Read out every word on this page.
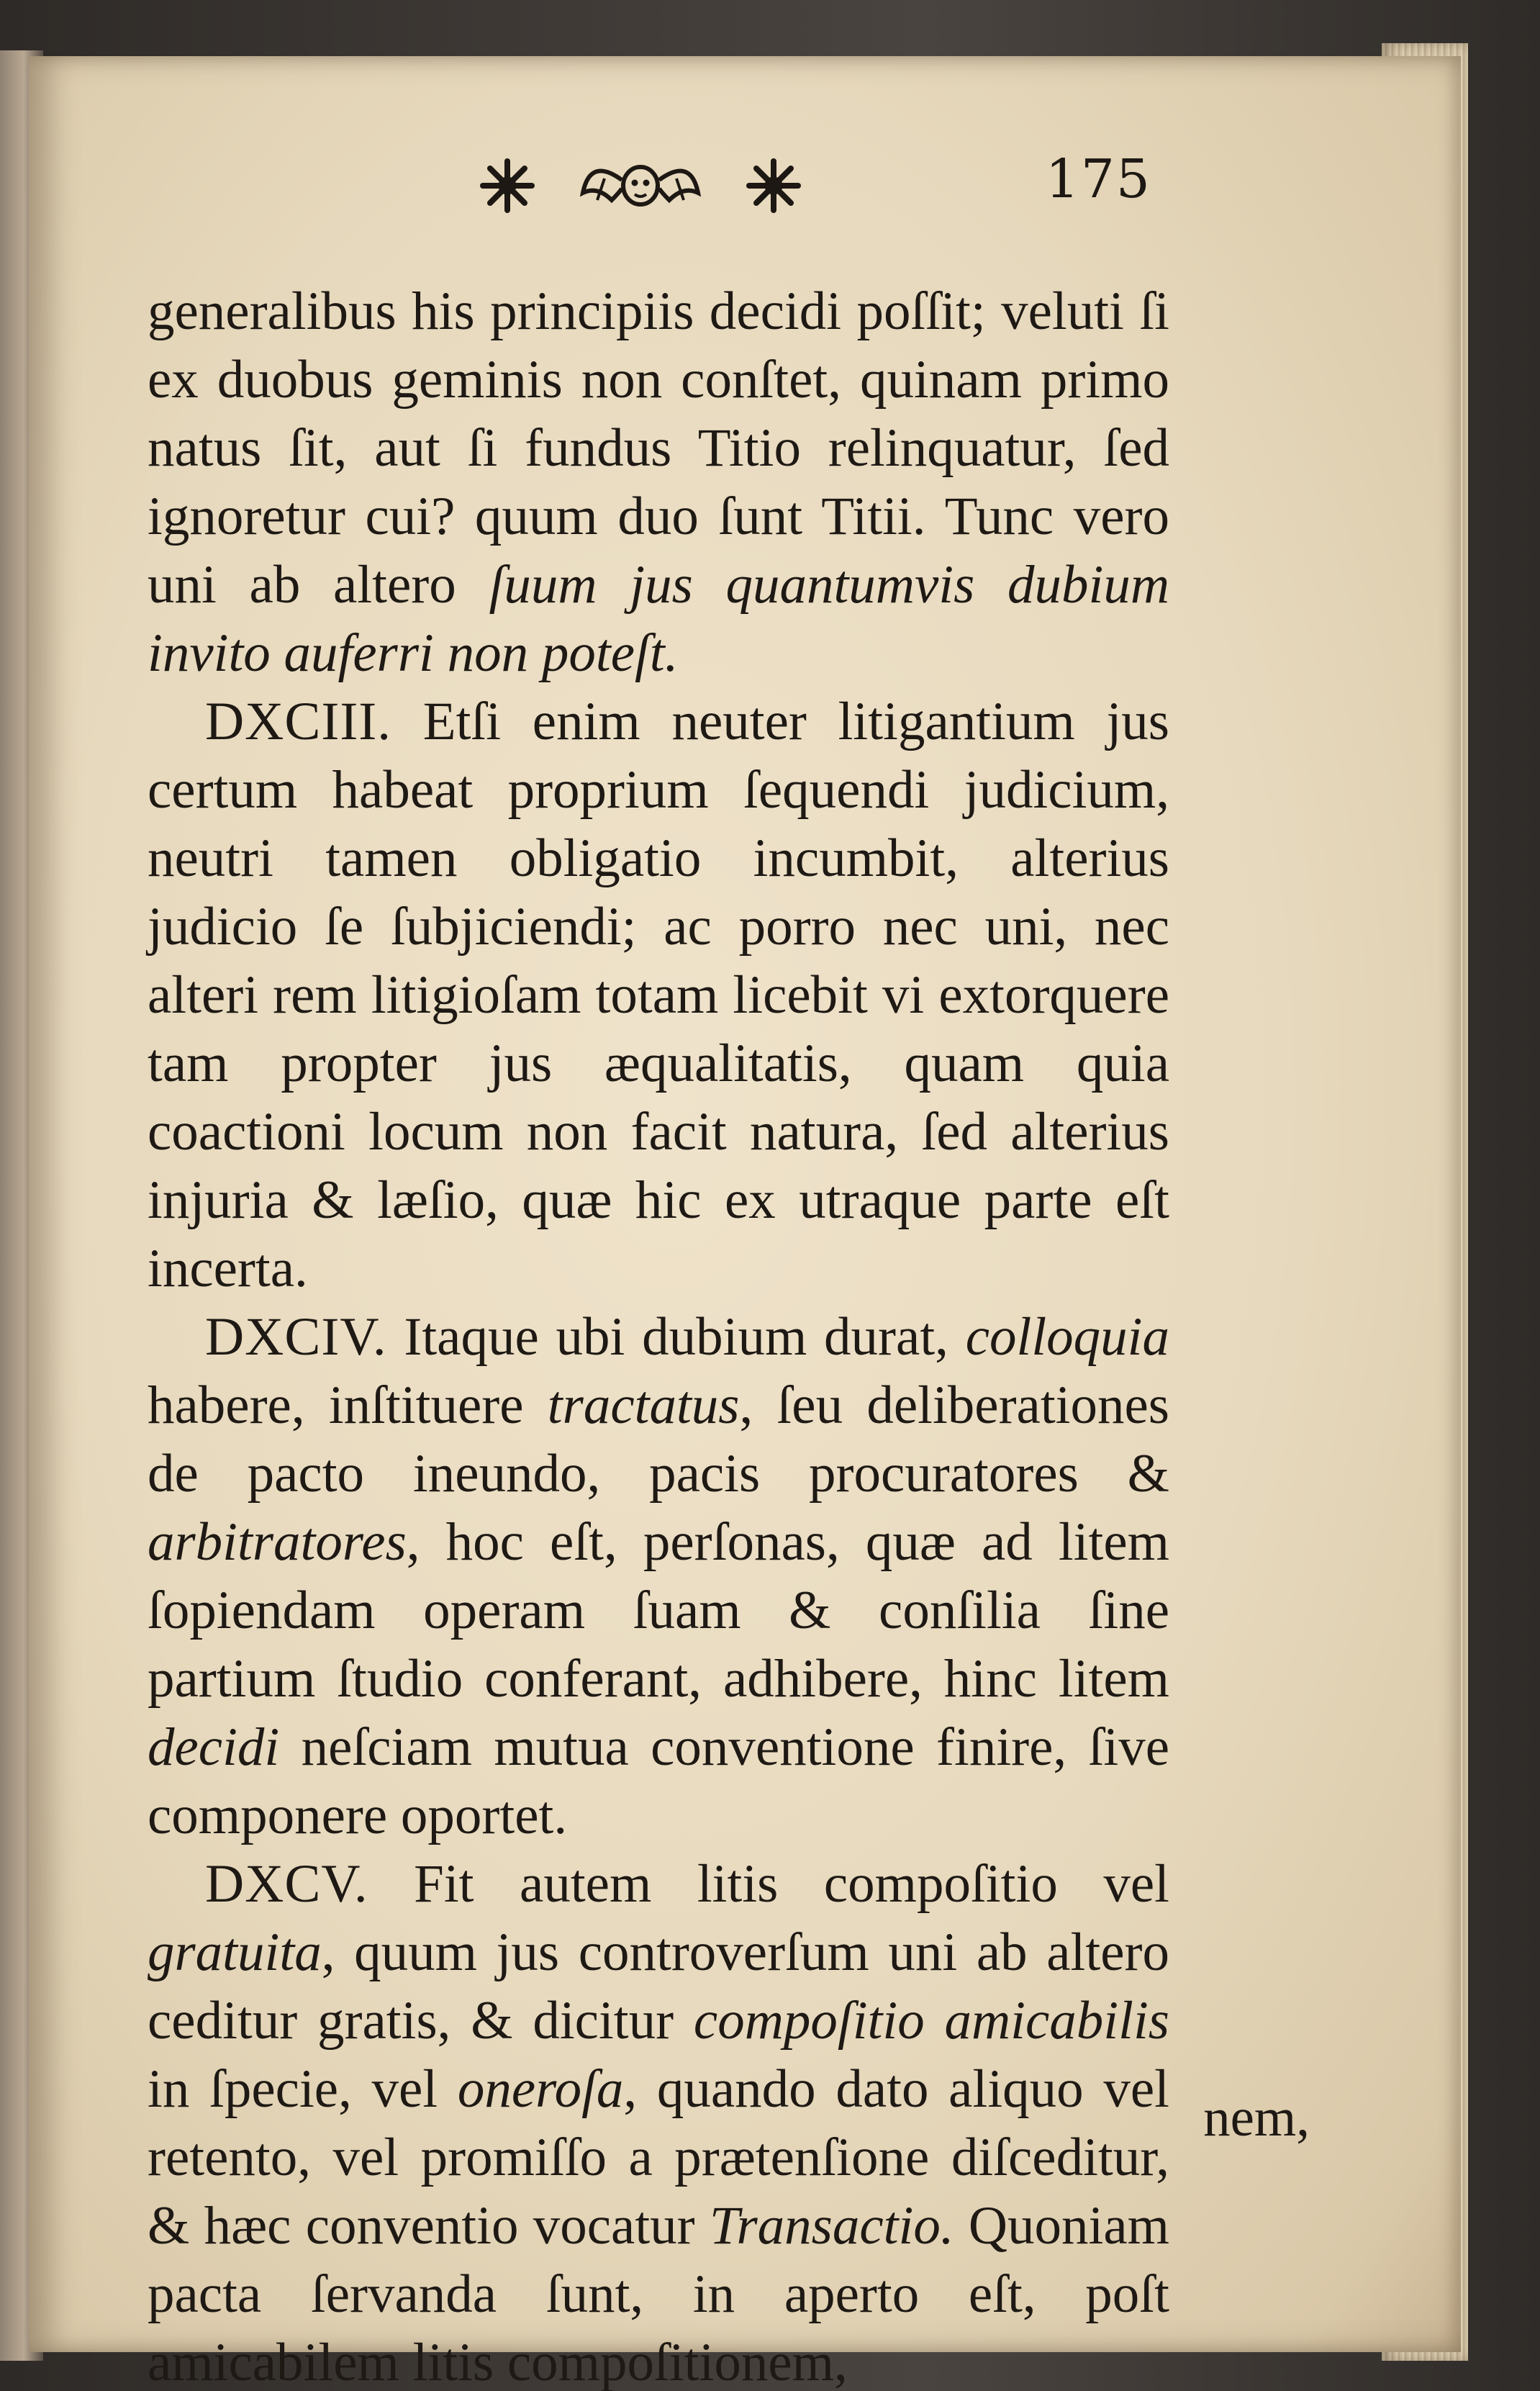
175

generalibus his principiis decidi poſſit; veluti ſi ex duobus geminis non conſtet, quinam primo natus ſit, aut ſi fundus Titio relinquatur, ſed ignoretur cui? quum duo ſunt Titii. Tunc vero uni ab altero ſuum jus quantumvis dubium invito auferri non poteſt.

DXCIII. Etſi enim neuter litigantium jus certum habeat proprium ſequendi judicium, neutri tamen obligatio incumbit, alterius judicio ſe ſubjiciendi; ac porro nec uni, nec alteri rem litigioſam totam licebit vi extorquere tam propter jus æqualitatis, quam quia coactioni locum non facit natura, ſed alterius injuria & læſio, quæ hic ex utraque parte eſt incerta.

DXCIV. Itaque ubi dubium durat, colloquia habere, inſtituere tractatus, ſeu deliberationes de pacto ineundo, pacis procuratores & arbitratores, hoc eſt, perſonas, quæ ad litem ſopiendam operam ſuam & conſilia ſine partium ſtudio conferant, adhibere, hinc litem decidi neſciam mutua conventione finire, ſive componere oportet.

DXCV. Fit autem litis compoſitio vel gratuita, quum jus controverſum uni ab altero ceditur gratis, & dicitur compoſitio amicabilis in ſpecie, vel oneroſa, quando dato aliquo vel retento, vel promiſſo a prætenſione diſceditur, & hæc conventio vocatur Transactio. Quoniam pacta ſervanda ſunt, in aperto eſt, poſt amicabilem litis compoſitionem,

nem,
